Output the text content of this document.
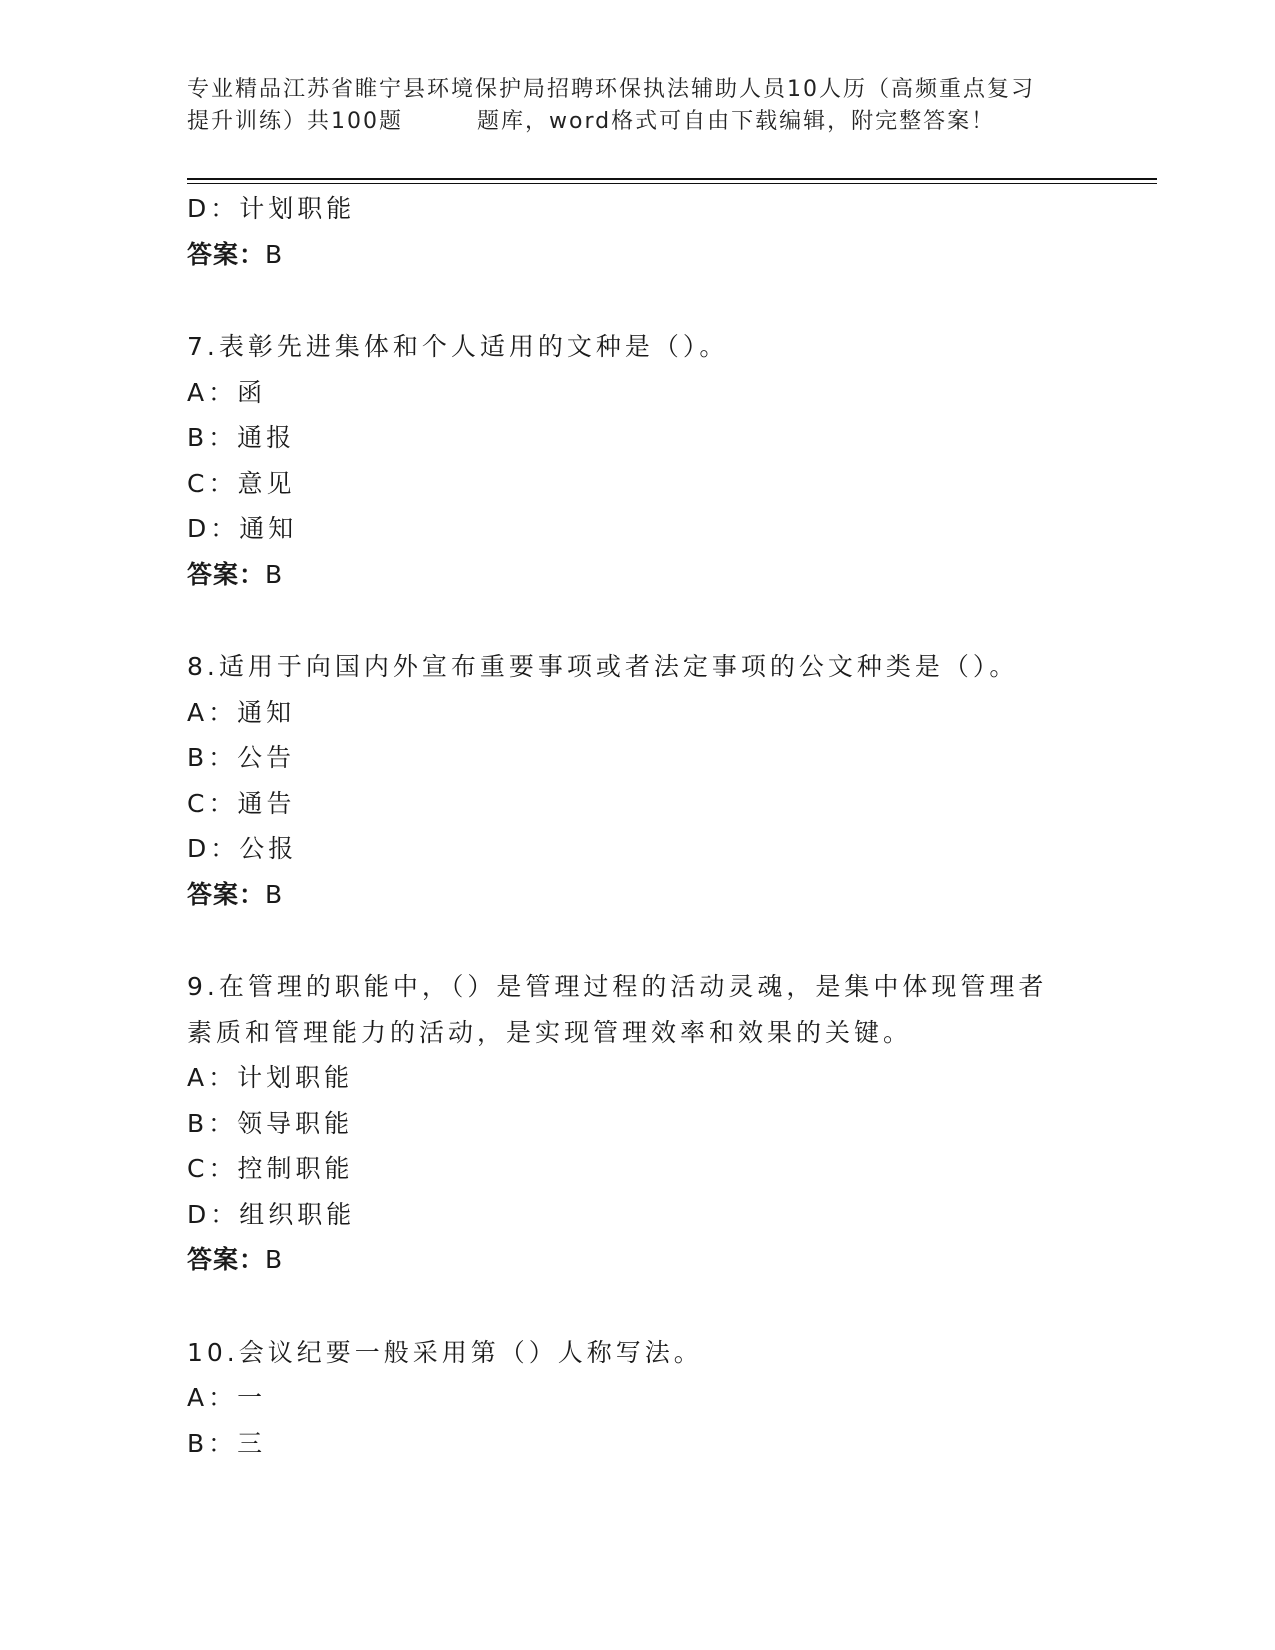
专业精品江苏省睢宁县环境保护局招聘环保执法辅助人员10人历（高频重点复习
提升训练）共100题	题库，word格式可自由下载编辑，附完整答案！
D：计划职能
答案：B
7.表彰先进集体和个人适用的文种是（）。
A：函
B：通报
C：意见
D：通知
答案：B
8.适用于向国内外宣布重要事项或者法定事项的公文种类是（）。
A：通知
B：公告
C：通告
D：公报
答案：B
9.在管理的职能中，（）是管理过程的活动灵魂，是集中体现管理者
素质和管理能力的活动，是实现管理效率和效果的关键。
A：计划职能
B：领导职能
C：控制职能
D：组织职能
答案：B
10.会议纪要一般采用第（）人称写法。
A：一
B：三
